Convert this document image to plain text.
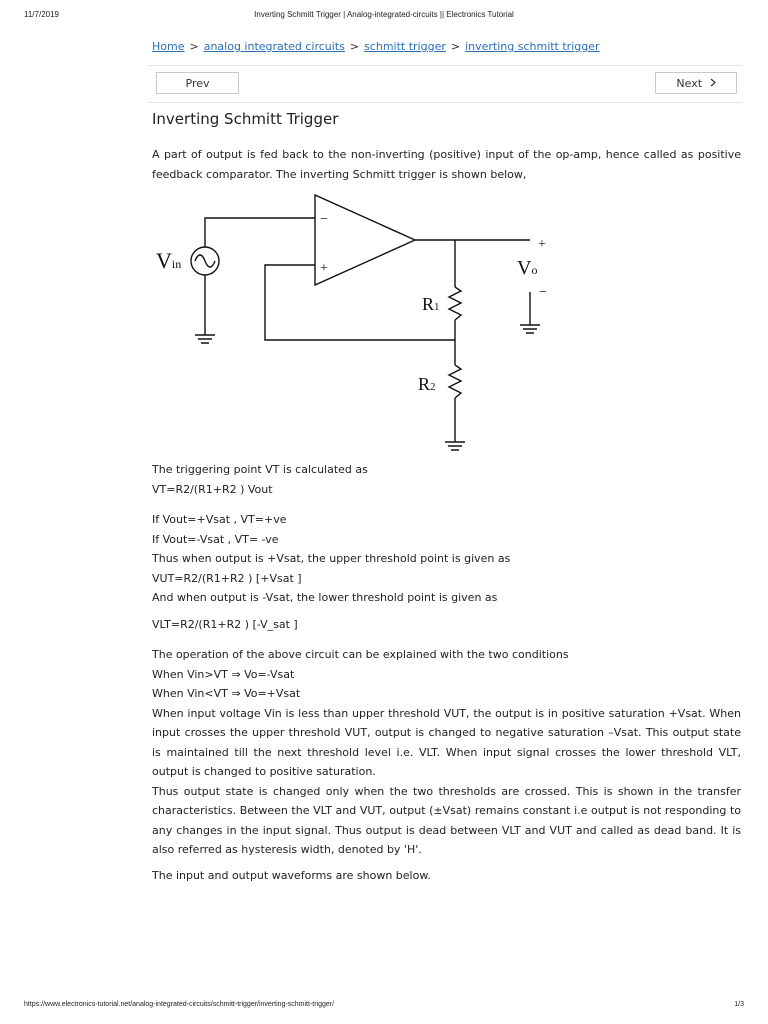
11/7/2019	Inverting Schmitt Trigger | Analog-integrated-circuits || Electronics Tutorial
Home > analog integrated circuits > schmitt trigger > inverting schmitt trigger
Prev	Next
Inverting Schmitt Trigger

A part of output is fed back to the non-inverting (positive) input of the op-amp, hence called as positive feedback comparator. The inverting Schmitt trigger is shown below,

−
+
Vin	Vo
+
−
R1
R2

The triggering point VT is calculated as

VT=R2/(R1+R2 ) Vout

If Vout=+Vsat , VT=+ve

If Vout=-Vsat , VT= -ve

Thus when output is +Vsat, the upper threshold point is given as

VUT=R2/(R1+R2 ) [+Vsat ]

And when output is -Vsat, the lower threshold point is given as

VLT=R2/(R1+R2 ) [-V_sat ]

The operation of the above circuit can be explained with the two conditions

When Vin>VT ⇒ Vo=-Vsat

When Vin<VT ⇒ Vo=+Vsat

When input voltage Vin is less than upper threshold VUT, the output is in positive saturation +Vsat. When input crosses the upper threshold VUT, output is changed to negative saturation –Vsat. This output state is maintained till the next threshold level i.e. VLT. When input signal crosses the lower threshold VLT, output is changed to positive saturation.

Thus output state is changed only when the two thresholds are crossed. This is shown in the transfer characteristics. Between the VLT and VUT, output (±Vsat) remains constant i.e output is not responding to any changes in the input signal. Thus output is dead between VLT and VUT and called as dead band. It is also referred as hysteresis width, denoted by 'H'.

The input and output waveforms are shown below.

https://www.electronics-tutorial.net/analog-integrated-circuits/schmitt-trigger/inverting-schmitt-trigger/	1/3
